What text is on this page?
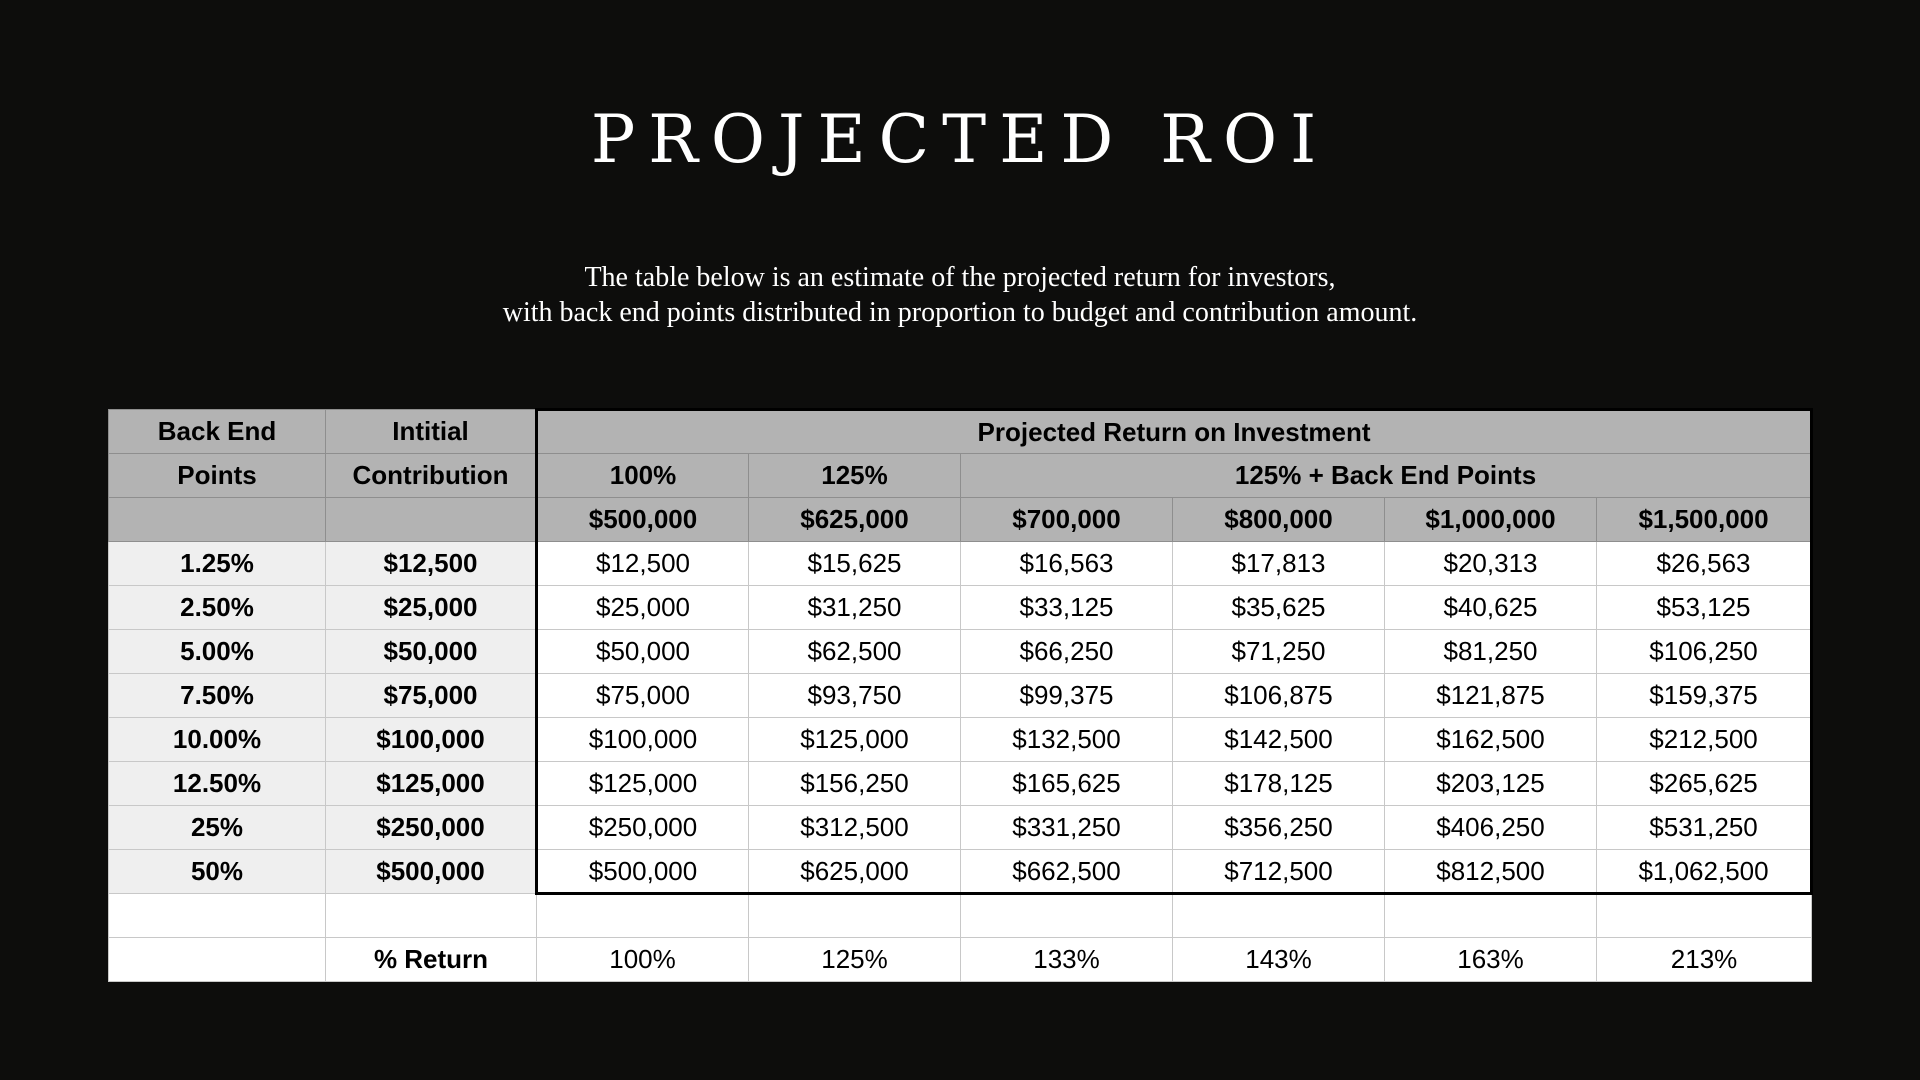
PROJECTED ROI
The table below is an estimate of the projected return for investors,
with back end points distributed in proportion to budget and contribution amount.
Back End	Intitial	Projected Return on Investment					
Points	Contribution	100%	125%	125% + Back End Points			
		$500,000	$625,000	$700,000	$800,000	$1,000,000	$1,500,000
1.25%	$12,500	$12,500	$15,625	$16,563	$17,813	$20,313	$26,563
2.50%	$25,000	$25,000	$31,250	$33,125	$35,625	$40,625	$53,125
5.00%	$50,000	$50,000	$62,500	$66,250	$71,250	$81,250	$106,250
7.50%	$75,000	$75,000	$93,750	$99,375	$106,875	$121,875	$159,375
10.00%	$100,000	$100,000	$125,000	$132,500	$142,500	$162,500	$212,500
12.50%	$125,000	$125,000	$156,250	$165,625	$178,125	$203,125	$265,625
25%	$250,000	$250,000	$312,500	$331,250	$356,250	$406,250	$531,250
50%	$500,000	$500,000	$625,000	$662,500	$712,500	$812,500	$1,062,500

	% Return	100%	125%	133%	143%	163%	213%
